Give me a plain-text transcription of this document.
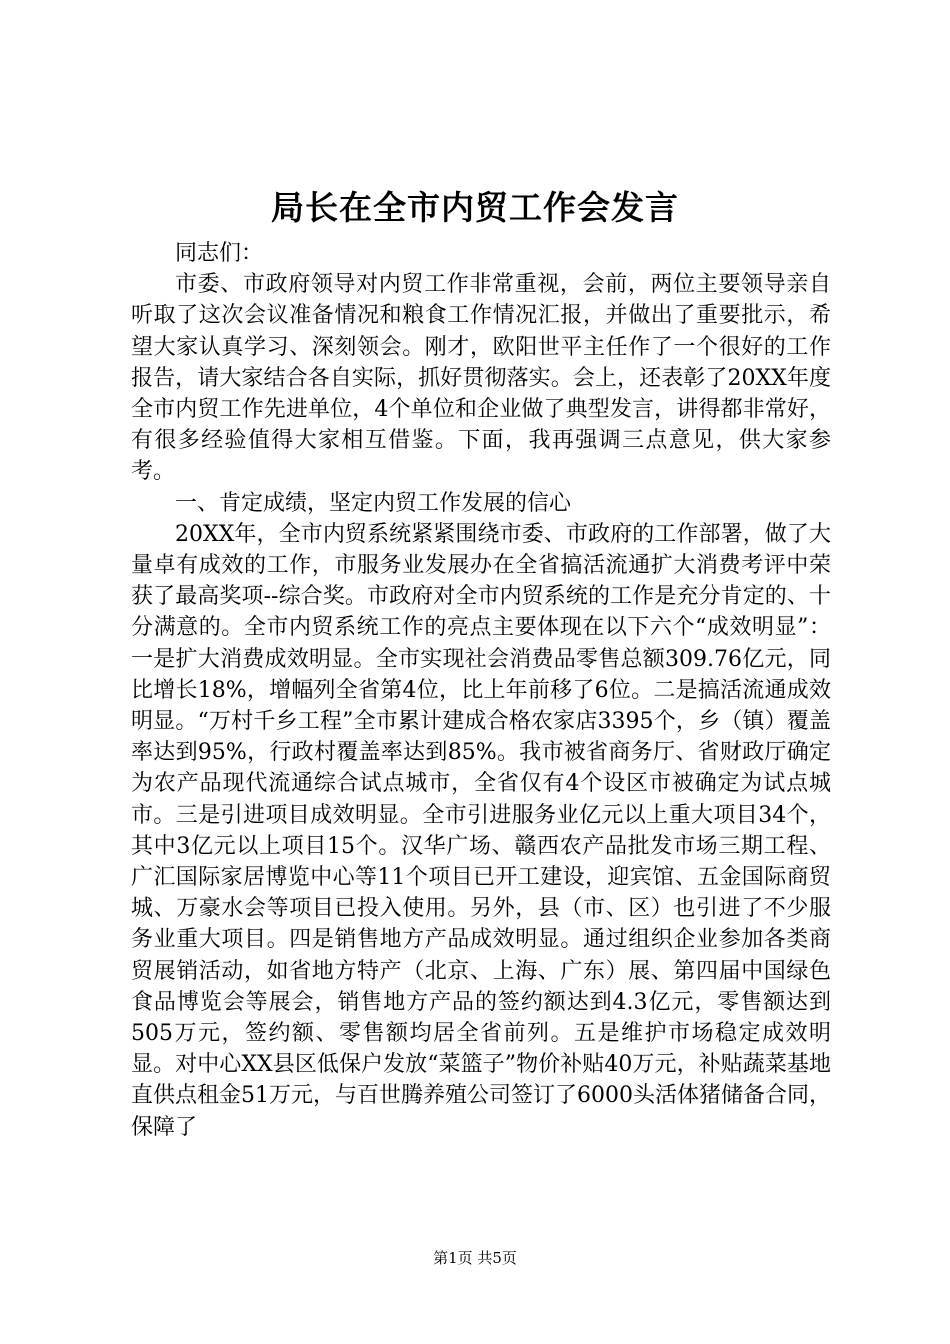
局长在全市内贸工作会发言

同志们：

市委、市政府领导对内贸工作非常重视，会前，两位主要领导亲自听取了这次会议准备情况和粮食工作情况汇报，并做出了重要批示，希望大家认真学习、深刻领会。刚才，欧阳世平主任作了一个很好的工作报告，请大家结合各自实际，抓好贯彻落实。会上，还表彰了20XX年度全市内贸工作先进单位，4个单位和企业做了典型发言，讲得都非常好，有很多经验值得大家相互借鉴。下面，我再强调三点意见，供大家参考。

一、肯定成绩，坚定内贸工作发展的信心

20XX年，全市内贸系统紧紧围绕市委、市政府的工作部署，做了大量卓有成效的工作，市服务业发展办在全省搞活流通扩大消费考评中荣获了最高奖项--综合奖。市政府对全市内贸系统的工作是充分肯定的、十分满意的。全市内贸系统工作的亮点主要体现在以下六个“成效明显”：一是扩大消费成效明显。全市实现社会消费品零售总额309.76亿元，同比增长18%，增幅列全省第4位，比上年前移了6位。二是搞活流通成效明显。“万村千乡工程”全市累计建成合格农家店3395个，乡（镇）覆盖率达到95%，行政村覆盖率达到85%。我市被省商务厅、省财政厅确定为农产品现代流通综合试点城市，全省仅有4个设区市被确定为试点城市。三是引进项目成效明显。全市引进服务业亿元以上重大项目34个，其中3亿元以上项目15个。汉华广场、赣西农产品批发市场三期工程、广汇国际家居博览中心等11个项目已开工建设，迎宾馆、五金国际商贸城、万豪水会等项目已投入使用。另外，县（市、区）也引进了不少服务业重大项目。四是销售地方产品成效明显。通过组织企业参加各类商贸展销活动，如省地方特产（北京、上海、广东）展、第四届中国绿色食品博览会等展会，销售地方产品的签约额达到4.3亿元，零售额达到505万元，签约额、零售额均居全省前列。五是维护市场稳定成效明显。对中心XX县区低保户发放“菜篮子”物价补贴40万元，补贴蔬菜基地直供点租金51万元，与百世腾养殖公司签订了6000头活体猪储备合同，保障了

第1页 共5页
